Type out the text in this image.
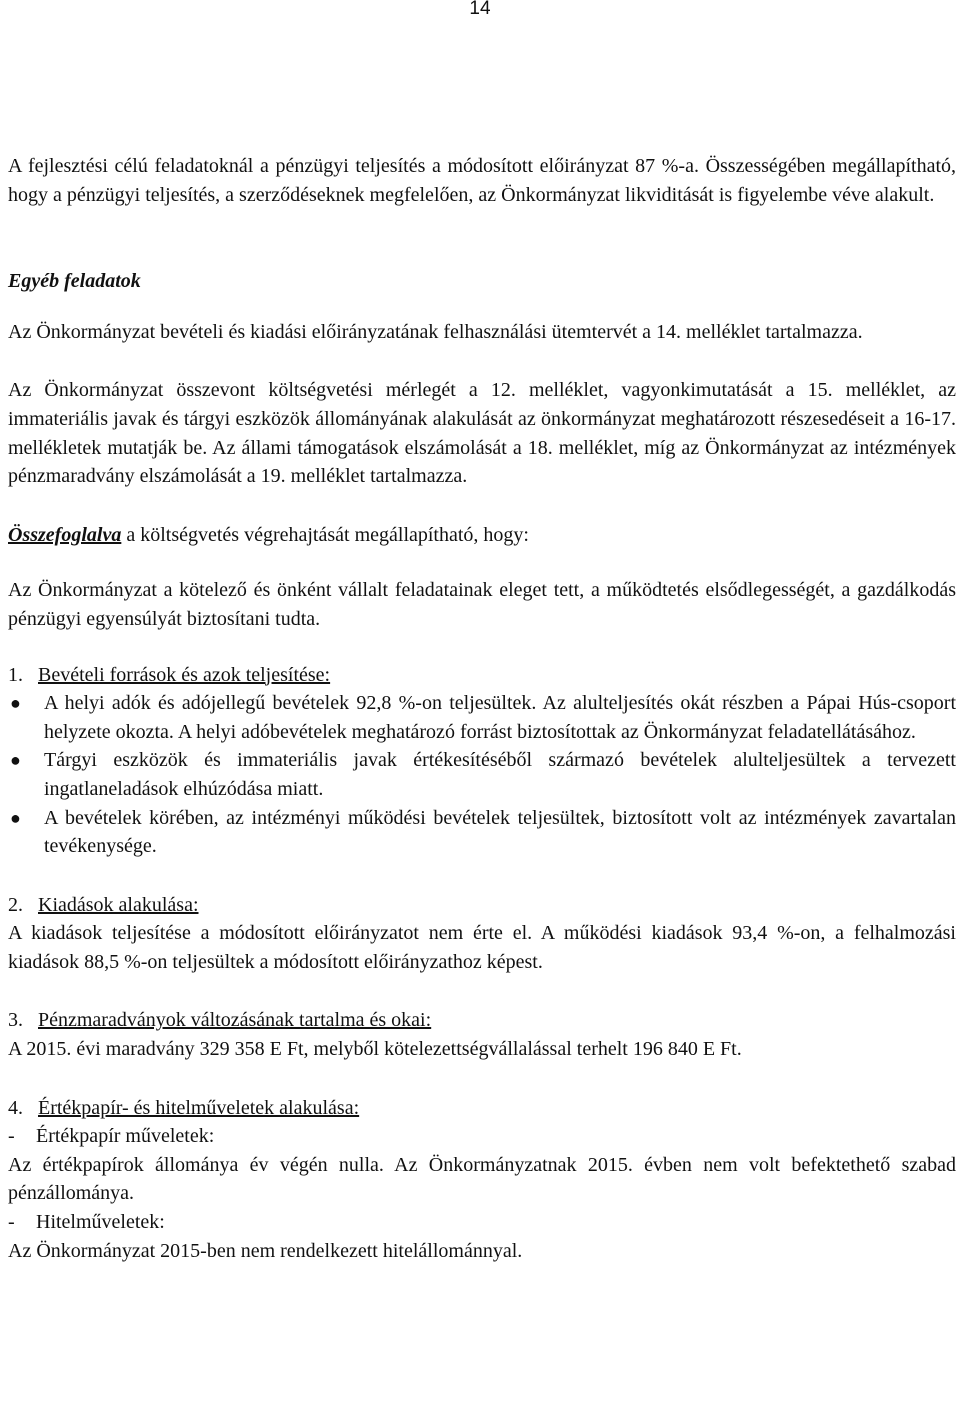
14

A fejlesztési célú feladatoknál a pénzügyi teljesítés a módosított előirányzat 87 %-a. Összességében megállapítható, hogy a pénzügyi teljesítés, a szerződéseknek megfelelően, az Önkormányzat likviditását is figyelembe véve alakult.

Egyéb feladatok

Az Önkormányzat bevételi és kiadási előirányzatának felhasználási ütemtervét a 14. melléklet tartalmazza.

Az Önkormányzat összevont költségvetési mérlegét a 12. melléklet, vagyonkimutatását a 15. melléklet, az immateriális javak és tárgyi eszközök állományának alakulását az önkormányzat meghatározott részesedéseit a 16-17. mellékletek mutatják be. Az állami támogatások elszámolását a 18. melléklet, míg az Önkormányzat az intézmények pénzmaradvány elszámolását a 19. melléklet tartalmazza.

Összefoglalva a költségvetés végrehajtását megállapítható, hogy:

Az Önkormányzat a kötelező és önként vállalt feladatainak eleget tett, a működtetés elsődlegességét, a gazdálkodás pénzügyi egyensúlyát biztosítani tudta.

1. Bevételi források és azok teljesítése:

● A helyi adók és adójellegű bevételek 92,8 %-on teljesültek. Az alulteljesítés okát részben a Pápai Hús-csoport helyzete okozta. A helyi adóbevételek meghatározó forrást biztosítottak az Önkormányzat feladatellátásához.
● Tárgyi eszközök és immateriális javak értékesítéséből származó bevételek alulteljesültek a tervezett ingatlaneladások elhúzódása miatt.
● A bevételek körében, az intézményi működési bevételek teljesültek, biztosított volt az intézmények zavartalan tevékenysége.

2. Kiadások alakulása:

A kiadások teljesítése a módosított előirányzatot nem érte el. A működési kiadások 93,4 %-on, a felhalmozási kiadások 88,5 %-on teljesültek a módosított előirányzathoz képest.

3. Pénzmaradványok változásának tartalma és okai:

A 2015. évi maradvány 329 358 E Ft, melyből kötelezettségvállalással terhelt 196 840 E Ft.

4. Értékpapír- és hitelműveletek alakulása:

- Értékpapír műveletek:

Az értékpapírok állománya év végén nulla. Az Önkormányzatnak 2015. évben nem volt befektethető szabad pénzállománya.

- Hitelműveletek:

Az Önkormányzat 2015-ben nem rendelkezett hitelállománnyal.
